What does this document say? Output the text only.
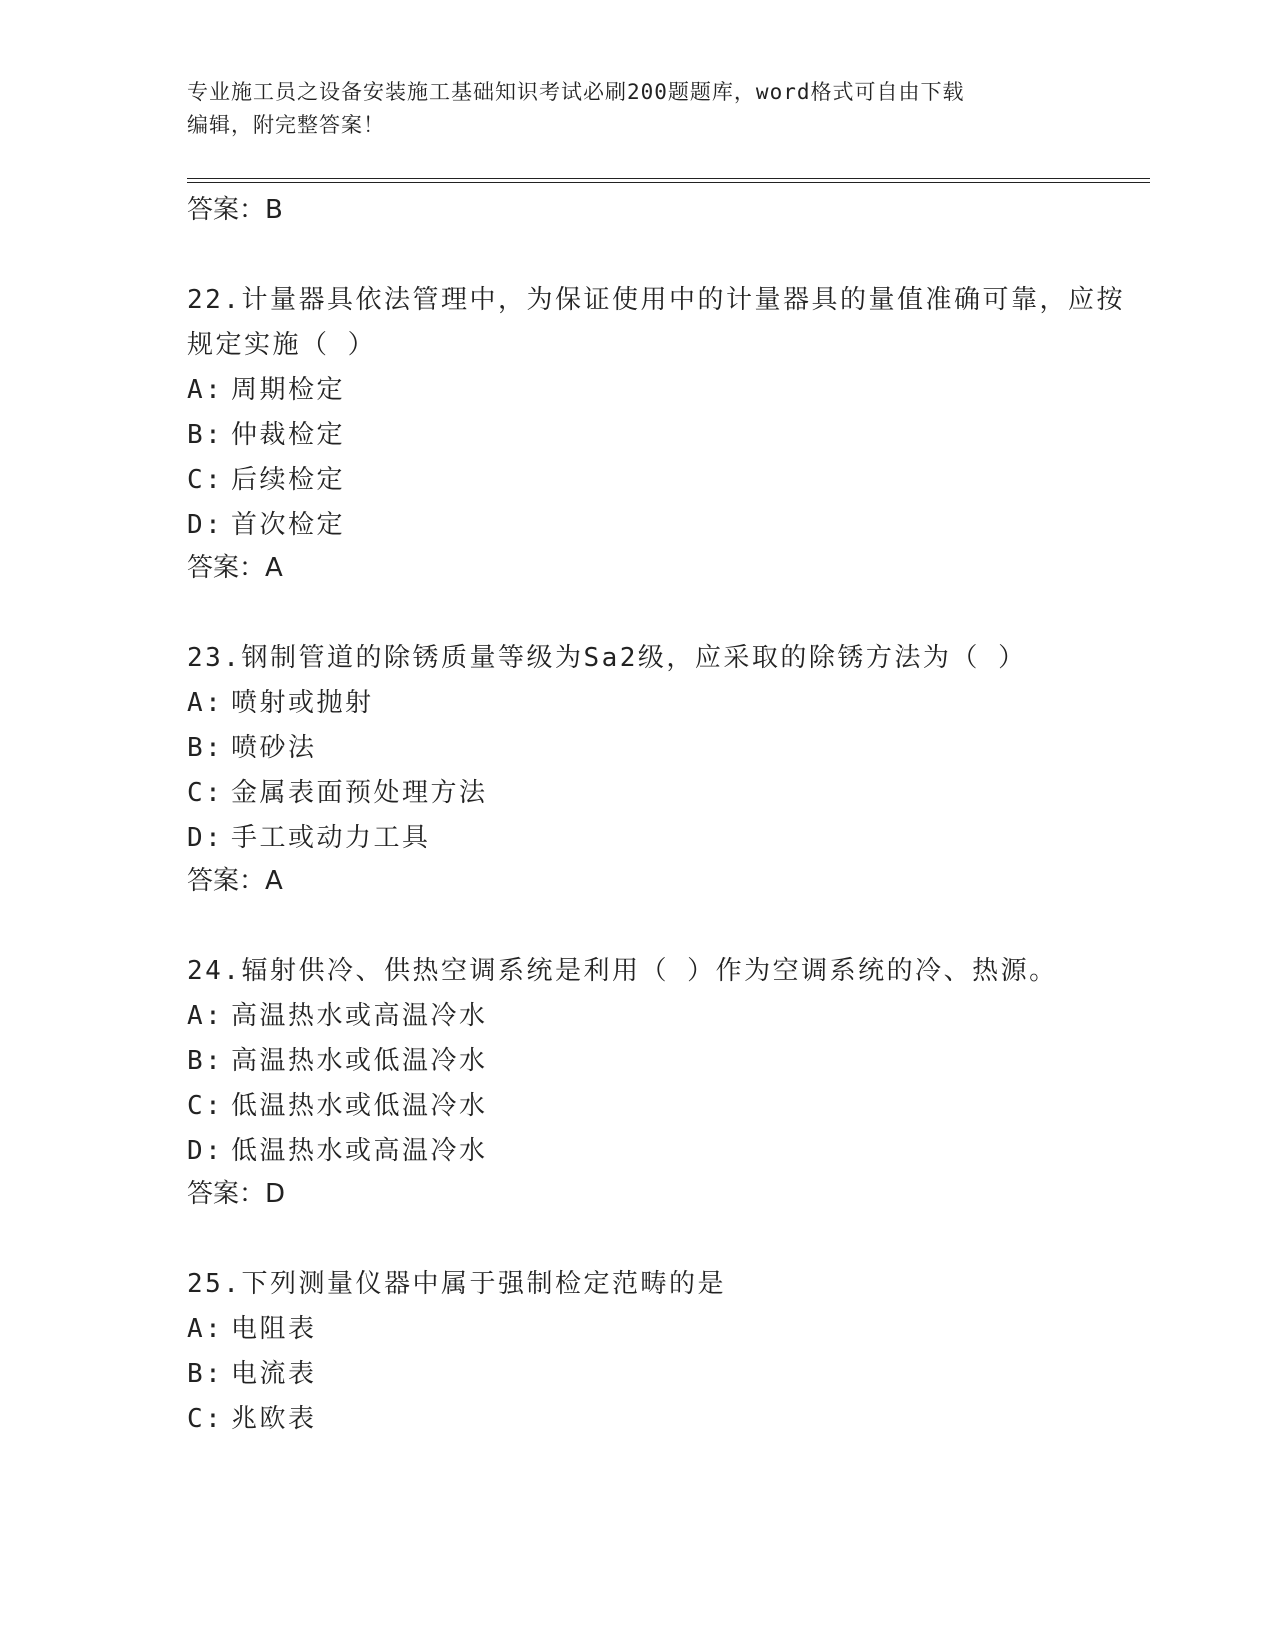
专业施工员之设备安装施工基础知识考试必刷200题题库，word格式可自由下载
编辑，附完整答案！
答案：B

22.计量器具依法管理中，为保证使用中的计量器具的量值准确可靠，应按规定实施（ ）

A: 周期检定
B: 仲裁检定
C: 后续检定
D: 首次检定
答案：A

23.钢制管道的除锈质量等级为Sa2级，应采取的除锈方法为（ ）

A: 喷射或抛射
B: 喷砂法
C: 金属表面预处理方法
D: 手工或动力工具
答案：A

24.辐射供冷、供热空调系统是利用（ ）作为空调系统的冷、热源。

A: 高温热水或高温冷水
B: 高温热水或低温冷水
C: 低温热水或低温冷水
D: 低温热水或高温冷水
答案：D

25.下列测量仪器中属于强制检定范畴的是

A: 电阻表
B: 电流表
C: 兆欧表
